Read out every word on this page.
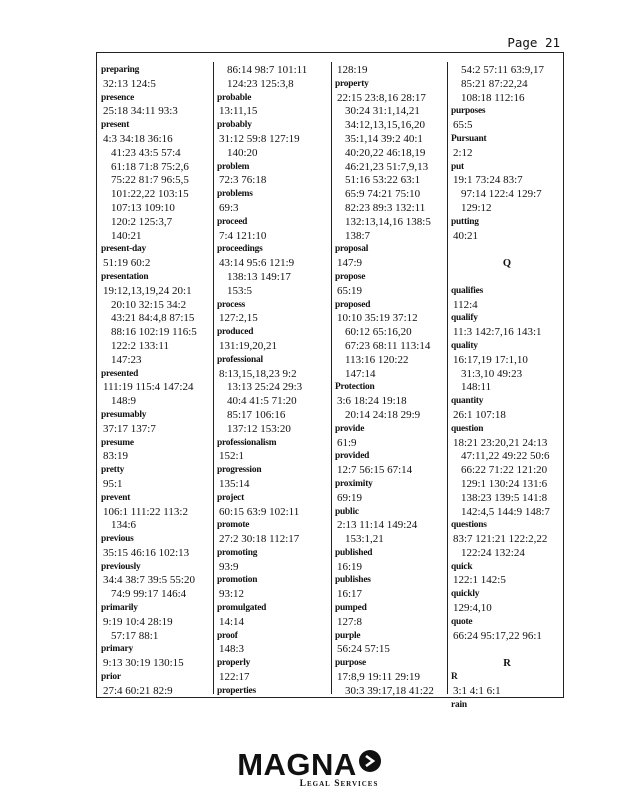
Page 21
preparing
32:13 124:5
presence
25:18 34:11 93:3
present
4:3 34:18 36:16
41:23 43:5 57:4
61:18 71:8 75:2,6
75:22 81:7 96:5,5
101:22,22 103:15
107:13 109:10
120:2 125:3,7
140:21
present-day
51:19 60:2
presentation
19:12,13,19,24 20:1
20:10 32:15 34:2
43:21 84:4,8 87:15
88:16 102:19 116:5
122:2 133:11
147:23
presented
111:19 115:4 147:24
148:9
presumably
37:17 137:7
presume
83:19
pretty
95:1
prevent
106:1 111:22 113:2
134:6
previous
35:15 46:16 102:13
previously
34:4 38:7 39:5 55:20
74:9 99:17 146:4
primarily
9:19 10:4 28:19
57:17 88:1
primary
9:13 30:19 130:15
prior
27:4 60:21 82:9
86:14 98:7 101:11
124:23 125:3,8
probable
13:11,15
probably
31:12 59:8 127:19
140:20
problem
72:3 76:18
problems
69:3
proceed
7:4 121:10
proceedings
43:14 95:6 121:9
138:13 149:17
153:5
process
127:2,15
produced
131:19,20,21
professional
8:13,15,18,23 9:2
13:13 25:24 29:3
40:4 41:5 71:20
85:17 106:16
137:12 153:20
professionalism
152:1
progression
135:14
project
60:15 63:9 102:11
promote
27:2 30:18 112:17
promoting
93:9
promotion
93:12
promulgated
14:14
proof
148:3
properly
122:17
properties
128:19
property
22:15 23:8,16 28:17
30:24 31:1,14,21
34:12,13,15,16,20
35:1,14 39:2 40:1
40:20,22 46:18,19
46:21,23 51:7,9,13
51:16 53:22 63:1
65:9 74:21 75:10
82:23 89:3 132:11
132:13,14,16 138:5
138:7
proposal
147:9
propose
65:19
proposed
10:10 35:19 37:12
60:12 65:16,20
67:23 68:11 113:14
113:16 120:22
147:14
Protection
3:6 18:24 19:18
20:14 24:18 29:9
provide
61:9
provided
12:7 56:15 67:14
proximity
69:19
public
2:13 11:14 149:24
153:1,21
published
16:19
publishes
16:17
pumped
127:8
purple
56:24 57:15
purpose
17:8,9 19:11 29:19
30:3 39:17,18 41:22
54:2 57:11 63:9,17
85:21 87:22,24
108:18 112:16
purposes
65:5
Pursuant
2:12
put
19:1 73:24 83:7
97:14 122:4 129:7
129:12
putting
40:21
Q
qualifies
112:4
qualify
11:3 142:7,16 143:1
quality
16:17,19 17:1,10
31:3,10 49:23
148:11
quantity
26:1 107:18
question
18:21 23:20,21 24:13
47:11,22 49:22 50:6
66:22 71:22 121:20
129:1 130:24 131:6
138:23 139:5 141:8
142:4,5 144:9 148:7
questions
83:7 121:21 122:2,22
122:24 132:24
quick
122:1 142:5
quickly
129:4,10
quote
66:24 95:17,22 96:1
R
R
3:1 4:1 6:1
rain
MAGNA
Legal Services
